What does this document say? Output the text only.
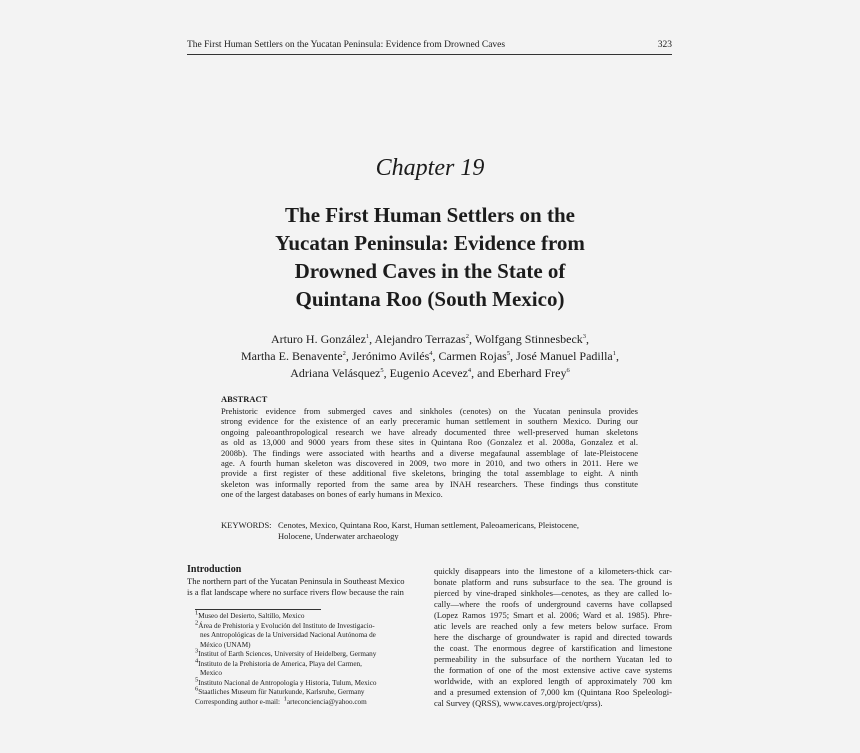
The First Human Settlers on the Yucatan Peninsula: Evidence from Drowned Caves	323
Chapter 19
The First Human Settlers on the
Yucatan Peninsula: Evidence from
Drowned Caves in the State of
Quintana Roo (South Mexico)
Arturo H. González$^1$, Alejandro Terrazas$^2$, Wolfgang Stinnesbeck$^3$,
Martha E. Benavente$^2$, Jerónimo Avilés$^4$, Carmen Rojas$^5$, José Manuel Padilla$^1$,
Adriana Velásquez$^5$, Eugenio Acevez$^4$, and Eberhard Frey$^6$
ABSTRACT
Prehistoric evidence from submerged caves and sinkholes (cenotes) on the Yucatan peninsula provides
strong evidence for the existence of an early preceramic human settlement in southern Mexico. During our
ongoing paleoanthropological research we have already documented three well-preserved human skeletons
as old as 13,000 and 9000 years from these sites in Quintana Roo (Gonzalez et al. 2008a, Gonzalez et al.
2008b). The findings were associated with hearths and a diverse megafaunal assemblage of late-Pleistocene
age. A fourth human skeleton was discovered in 2009, two more in 2010, and two others in 2011. Here we
provide a first register of these additional five skeletons, bringing the total assemblage to eight. A ninth
skeleton was informally reported from the same area by INAH researchers. These findings thus constitute
one of the largest databases on bones of early humans in Mexico.
KEYWORDS: Cenotes, Mexico, Quintana Roo, Karst, Human settlement, Paleoamericans, Pleistocene,
Holocene, Underwater archaeology
Introduction
The northern part of the Yucatan Peninsula in Southeast Mexico
is a flat landscape where no surface rivers flow because the rain
$^1$Museo del Desierto, Saltillo, Mexico
$^2$Área de Prehistoria y Evolución del Instituto de Investigacio-
nes Antropológicas de la Universidad Nacional Autónoma de
México (UNAM)
$^3$Institut of Earth Sciences, University of Heidelberg, Germany
$^4$Instituto de la Prehistoria de America, Playa del Carmen,
Mexico
$^5$Instituto Nacional de Antropología y Historia, Tulum, Mexico
$^6$Staatliches Museum für Naturkunde, Karlsruhe, Germany
Corresponding author e-mail: $^1$arteconciencia@yahoo.com
quickly disappears into the limestone of a kilometers-thick car-
bonate platform and runs subsurface to the sea. The ground is
pierced by vine-draped sinkholes—cenotes, as they are called lo-
cally—where the roofs of underground caverns have collapsed
(Lopez Ramos 1975; Smart et al. 2006; Ward et al. 1985). Phre-
atic levels are reached only a few meters below surface. From
here the discharge of groundwater is rapid and directed towards
the coast. The enormous degree of karstification and limestone
permeability in the subsurface of the northern Yucatan led to
the formation of one of the most extensive active cave systems
worldwide, with an explored length of approximately 700 km
and a presumed extension of 7,000 km (Quintana Roo Speleologi-
cal Survey (QRSS), www.caves.org/project/qrss).
